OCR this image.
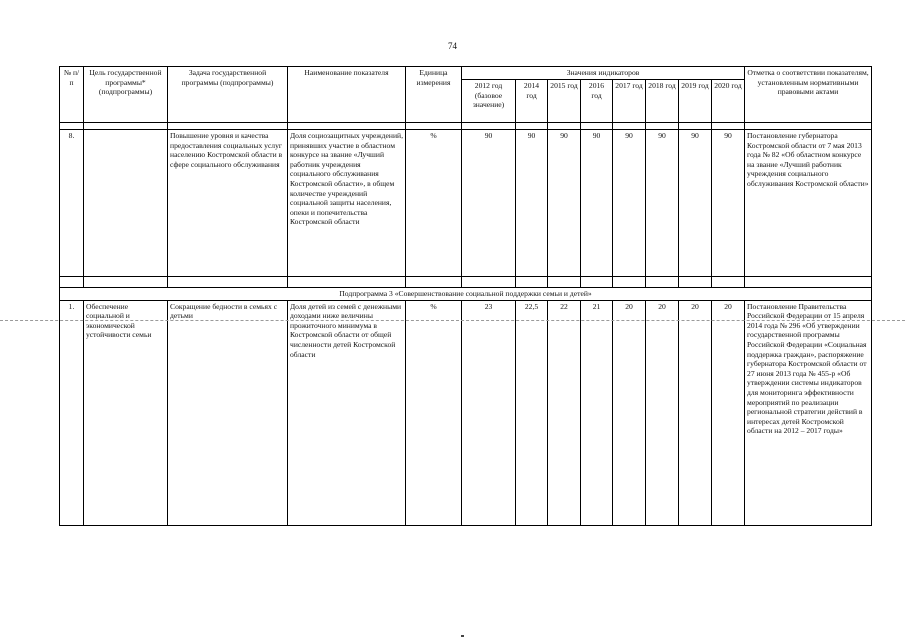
74
№ п/п	Цель государственной программы* (подпрограммы)	Задача государственной программы (подпрограммы)	Наименование показателя	Единица измерения	Значения индикаторов								Отметка о соответствии показателям, установленным нормативными правовыми актами
					2012 год (базовое значение)	2014 год	2015 год	2016 год	2017 год	2018 год	2019 год	2020 год	

8.		Повышение уровня и качества предоставления социальных услуг населению Костромской области в сфере социального обслуживания	Доля социозащитных учреждений, принявших участие в областном конкурсе на звание «Лучший работник учреждения социального обслуживания Костромской области», в общем количестве учреждений социальной защиты населения, опеки и попечительства Костромской области	%	90	90	90	90	90	90	90	90	Постановление губернатора Костромской области от 7 мая 2013 года № 82 «Об областном конкурсе на звание «Лучший работник учреждения социального обслуживания Костромской области»

Подпрограмма 3 «Совершенствование социальной поддержки семьи и детей»													
1.	Обеспечение социальной и экономической устойчивости семьи	Сокращение бедности в семьях с детьми	Доля детей из семей с денежными доходами ниже величины прожиточного минимума в Костромской области от общей численности детей Костромской области	%	23	22,5	22	21	20	20	20	20	Постановление Правительства Российской Федерации от 15 апреля 2014 года № 296 «Об утверждении государственной программы Российской Федерации «Социальная поддержка граждан», распоряжение губернатора Костромской области от 27 июня 2013 года № 455-р «Об утверждении системы индикаторов для мониторинга эффективности мероприятий по реализации региональной стратегии действий в интересах детей Костромской области на 2012 – 2017 годы»
